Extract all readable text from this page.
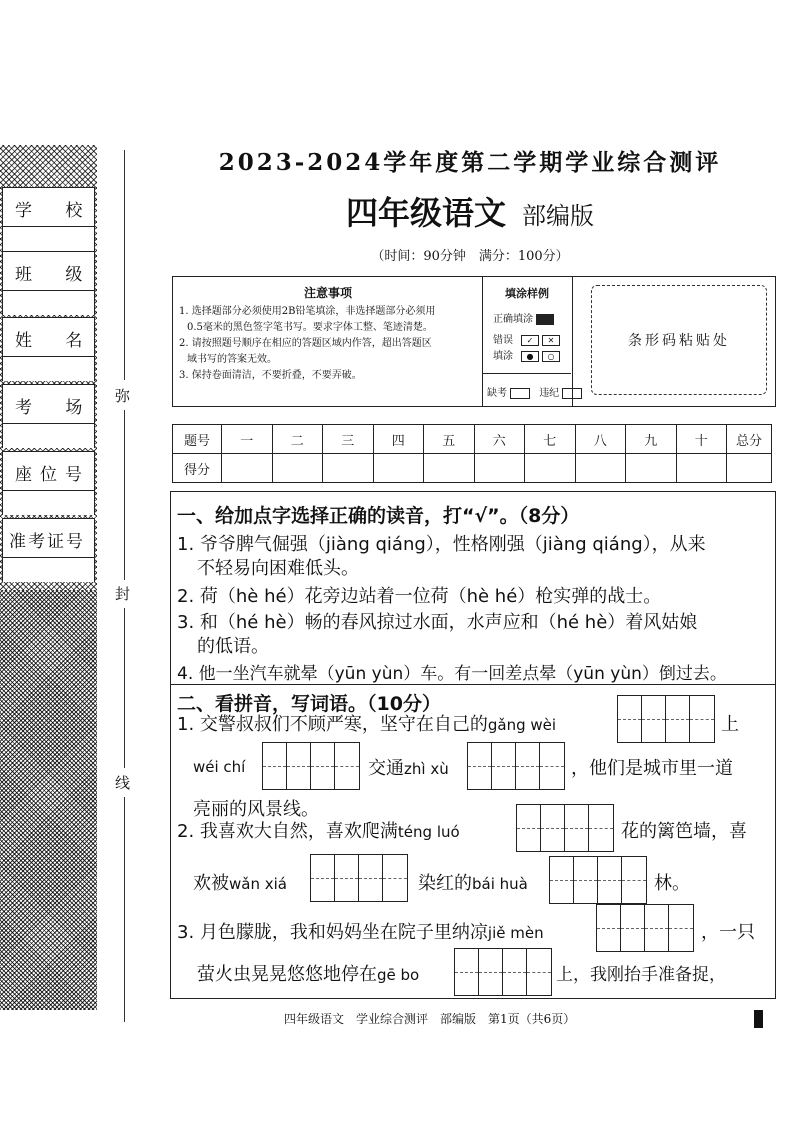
学 校
班 级
姓 名
考 场
座位号
准考证号
弥
封
线
2023-2024学年度第二学期学业综合测评
四年级语文 部编版
（时间：90分钟　满分：100分）
注意事项
1. 选择题部分必须使用2B铅笔填涂，非选择题部分必须用
0.5毫米的黑色签字笔书写。要求字体工整、笔迹清楚。
2. 请按照题号顺序在相应的答题区域内作答，超出答题区
域书写的答案无效。
3. 保持卷面清洁，不要折叠，不要弄破。
填涂样例
正确填涂
错误 ✓ ✕
填涂 ● ○
缺考	违纪
条形码粘贴处
题号	一	二	三	四	五	六	七	八	九	十	总分
得分											
一、给加点字选择正确的读音，打“√”。（8分）
1. 爷爷脾气倔强（jiàng qiáng），性格刚强（jiàng qiáng），从来
不轻易向困难低头。
2. 荷（hè hé）花旁边站着一位荷（hè hé）枪实弹的战士。
3. 和（hé hè）畅的春风掠过水面，水声应和（hé hè）着风姑娘
的低语。
4. 他一坐汽车就晕（yūn yùn）车。有一回差点晕（yūn yùn）倒过去。
二、看拼音，写词语。（10分）
1. 交警叔叔们不顾严寒，坚守在自己的gǎng wèi	上
wéi chí	交通zhì xù	，他们是城市里一道
亮丽的风景线。
2. 我喜欢大自然，喜欢爬满téng luó	花的篱笆墙，喜
欢被wǎn xiá	染红的bái huà	林。
3. 月色朦胧，我和妈妈坐在院子里纳凉jiě mèn	，一只
萤火虫晃晃悠悠地停在gē bo	上，我刚抬手准备捉，
四年级语文　学业综合测评　部编版　第1页（共6页）
